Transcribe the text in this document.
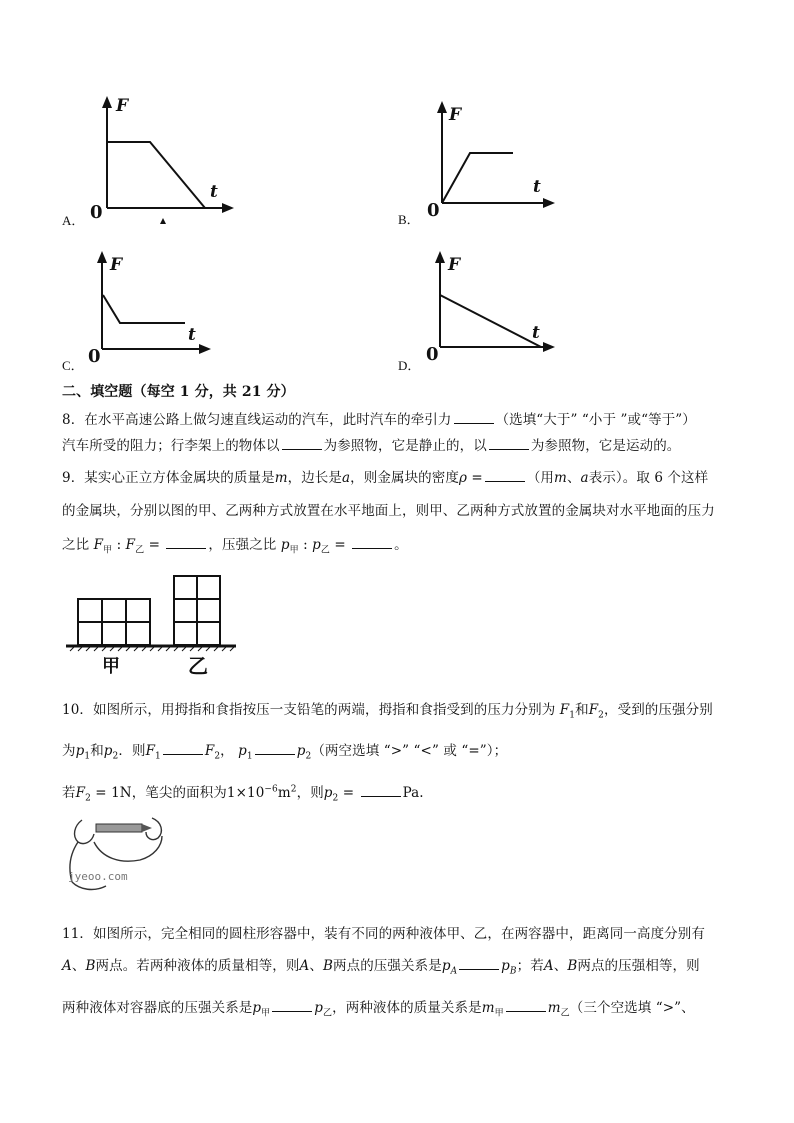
F
t
0
A．
F
t
0
B．
F
t
0
C．
F
t
0
D．
二、填空题（每空 1 分，共 21 分）
8．在水平高速公路上做匀速直线运动的汽车，此时汽车的牵引力	（选填“大于” “小于 ”或“等于”）
汽车所受的阻力；行李架上的物体以	为参照物，它是静止的，以	为参照物，它是运动的。
9．某实心正立方体金属块的质量是m，边长是a，则金属块的密度ρ =	（用m、a表示）。取 6 个这样
的金属块，分别以图的甲、乙两种方式放置在水平地面上，则甲、乙两种方式放置的金属块对水平地面的压力
之比 $F_甲$ : $F_乙$ =	，压强之比 $p_甲$ : $p_乙$ =	。
甲	乙
10．如图所示，用拇指和食指按压一支铅笔的两端，拇指和食指受到的压力分别为 $F_1$和$F_2$，受到的压强分别
为$p_1$和$p_2$．则$F_1$	$F_2$， $p_1$	$p_2$（两空选填 “>” “<” 或 “=”）；
若$F_2 = 1N$，笔尖的面积为$1\times 10^{-6}m^2$，则$p_2$ =	Pa.
jyeoo.com
11．如图所示，完全相同的圆柱形容器中，装有不同的两种液体甲、乙，在两容器中，距离同一高度分别有
A、B两点。若两种液体的质量相等，则A、B两点的压强关系是$p_A$	$p_B$；若A、B两点的压强相等，则
两种液体对容器底的压强关系是$p_甲$	$p_乙$，两种液体的质量关系是$m_甲$	$m_乙$（三个空选填 “>”、
